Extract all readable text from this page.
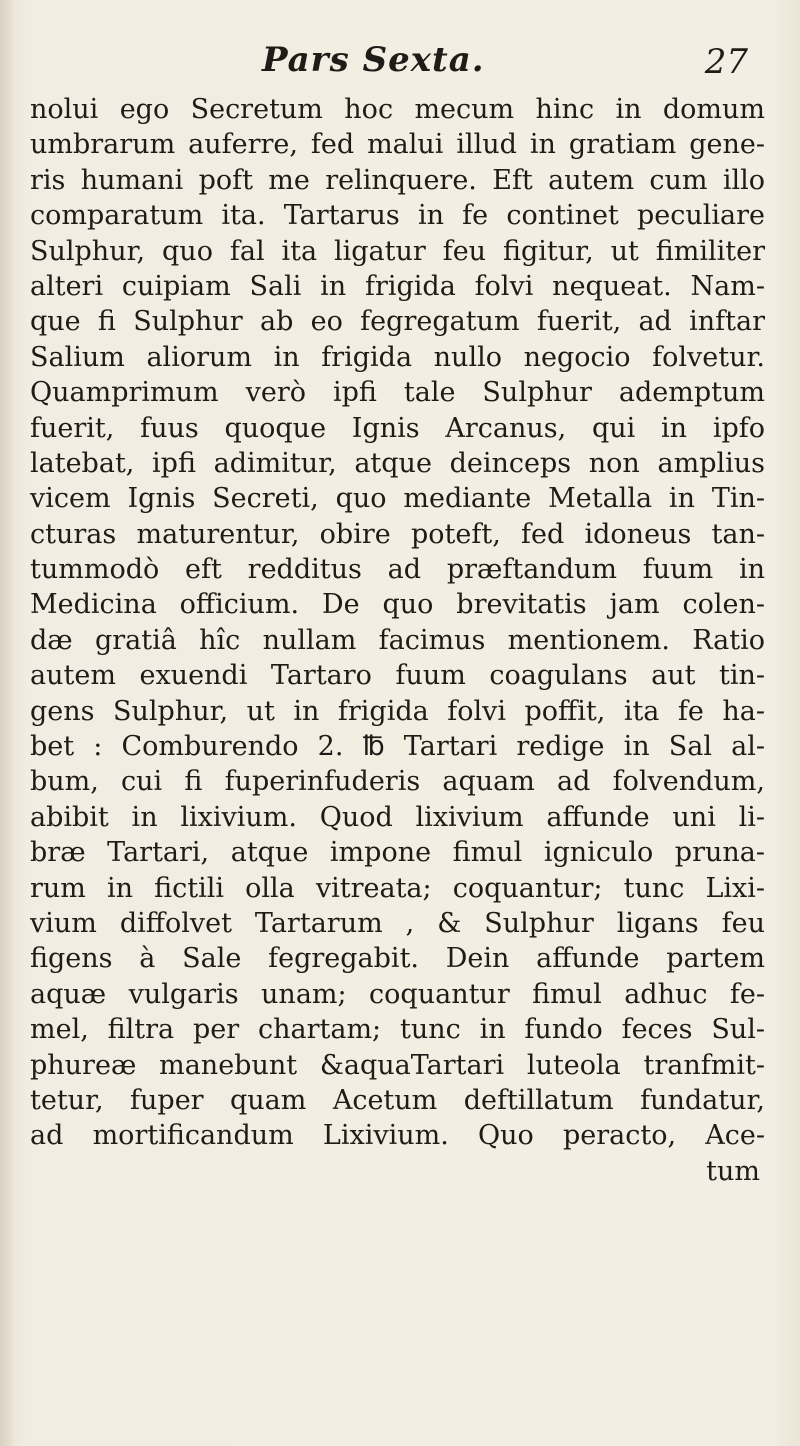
Pars Sexta.	27
nolui ego Secretum hoc mecum hinc in domum
umbrarum auferre, fed malui illud in gratiam gene-
ris humani poft me relinquere. Eft autem cum illo
comparatum ita. Tartarus in fe continet peculiare
Sulphur, quo fal ita ligatur feu figitur, ut fimiliter
alteri cuipiam Sali in frigida folvi nequeat. Nam-
que fi Sulphur ab eo fegregatum fuerit, ad inftar
Salium aliorum in frigida nullo negocio folvetur.
Quamprimum verò ipfi tale Sulphur ademptum
fuerit, fuus quoque Ignis Arcanus, qui in ipfo
latebat, ipfi adimitur, atque deinceps non amplius
vicem Ignis Secreti, quo mediante Metalla in Tin-
cturas maturentur, obire poteft, fed idoneus tan-
tummodò eft redditus ad præftandum fuum in
Medicina officium. De quo brevitatis jam colen-
dæ gratiâ hîc nullam facimus mentionem. Ratio
autem exuendi Tartaro fuum coagulans aut tin-
gens Sulphur, ut in frigida folvi poffit, ita fe ha-
bet : Comburendo 2. ℔ Tartari redige in Sal al-
bum, cui fi fuperinfuderis aquam ad folvendum,
abibit in lixivium. Quod lixivium affunde uni li-
bræ Tartari, atque impone fimul igniculo pruna-
rum in fictili olla vitreata; coquantur; tunc Lixi-
vium diffolvet Tartarum , & Sulphur ligans feu
figens à Sale fegregabit. Dein affunde partem
aquæ vulgaris unam; coquantur fimul adhuc fe-
mel, filtra per chartam; tunc in fundo feces Sul-
phureæ manebunt &aquaTartari luteola tranfmit-
tetur, fuper quam Acetum deftillatum fundatur,
ad mortificandum Lixivium. Quo peracto, Ace-
tum
